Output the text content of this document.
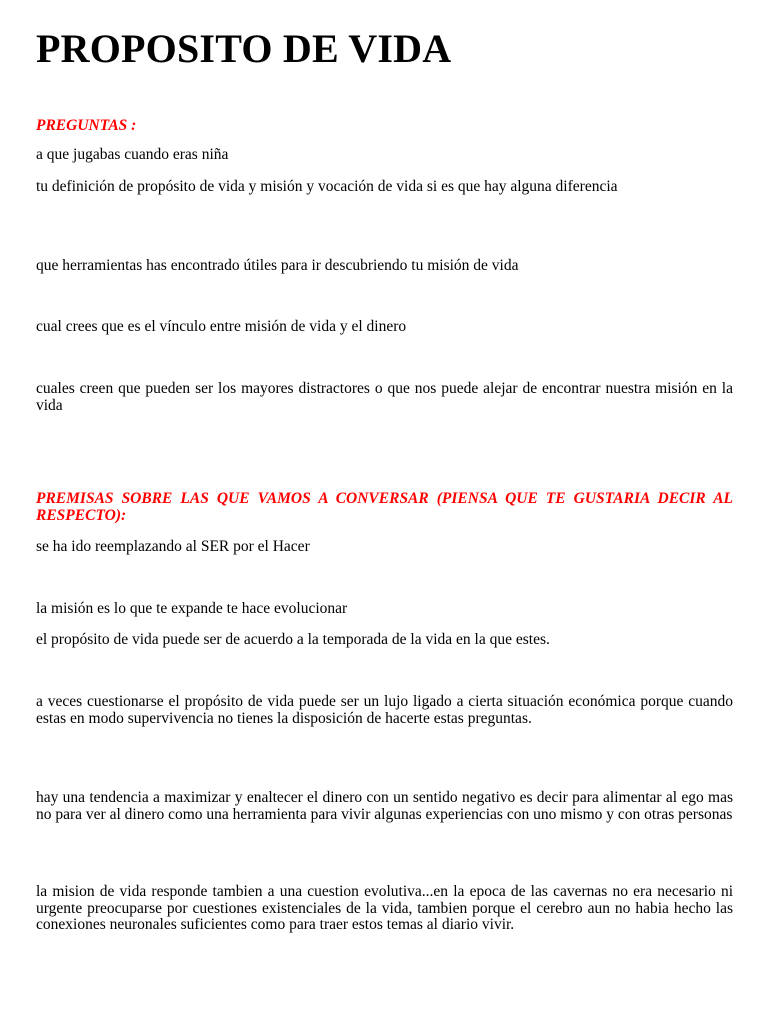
PROPOSITO DE VIDA

PREGUNTAS :

a que jugabas cuando eras niña

tu definición de propósito de vida y misión y vocación de vida si es que hay alguna diferencia

que herramientas has encontrado útiles para ir descubriendo tu misión de vida

cual crees que es el vínculo entre misión de vida y el dinero

cuales creen que pueden ser los mayores distractores o que nos puede alejar de encontrar nuestra misión en la vida

PREMISAS SOBRE LAS QUE VAMOS A CONVERSAR (PIENSA QUE TE GUSTARIA DECIR AL RESPECTO):

se ha ido reemplazando al SER por el Hacer

la misión es lo que te expande te hace evolucionar

el propósito de vida puede ser de acuerdo a la temporada de la vida en la que estes.

a veces cuestionarse el propósito de vida puede ser un lujo ligado a cierta situación económica porque cuando estas en modo supervivencia no tienes la disposición de hacerte estas preguntas.

hay una tendencia a maximizar y enaltecer el dinero con un sentido negativo es decir para alimentar al ego mas no para ver al dinero como una herramienta para vivir algunas experiencias con uno mismo y con otras personas

la mision de vida responde tambien a una cuestion evolutiva...en la epoca de las cavernas no era necesario ni urgente preocuparse por cuestiones existenciales de la vida, tambien porque el cerebro aun no habia hecho las conexiones neuronales suficientes como para traer estos temas al diario vivir.
